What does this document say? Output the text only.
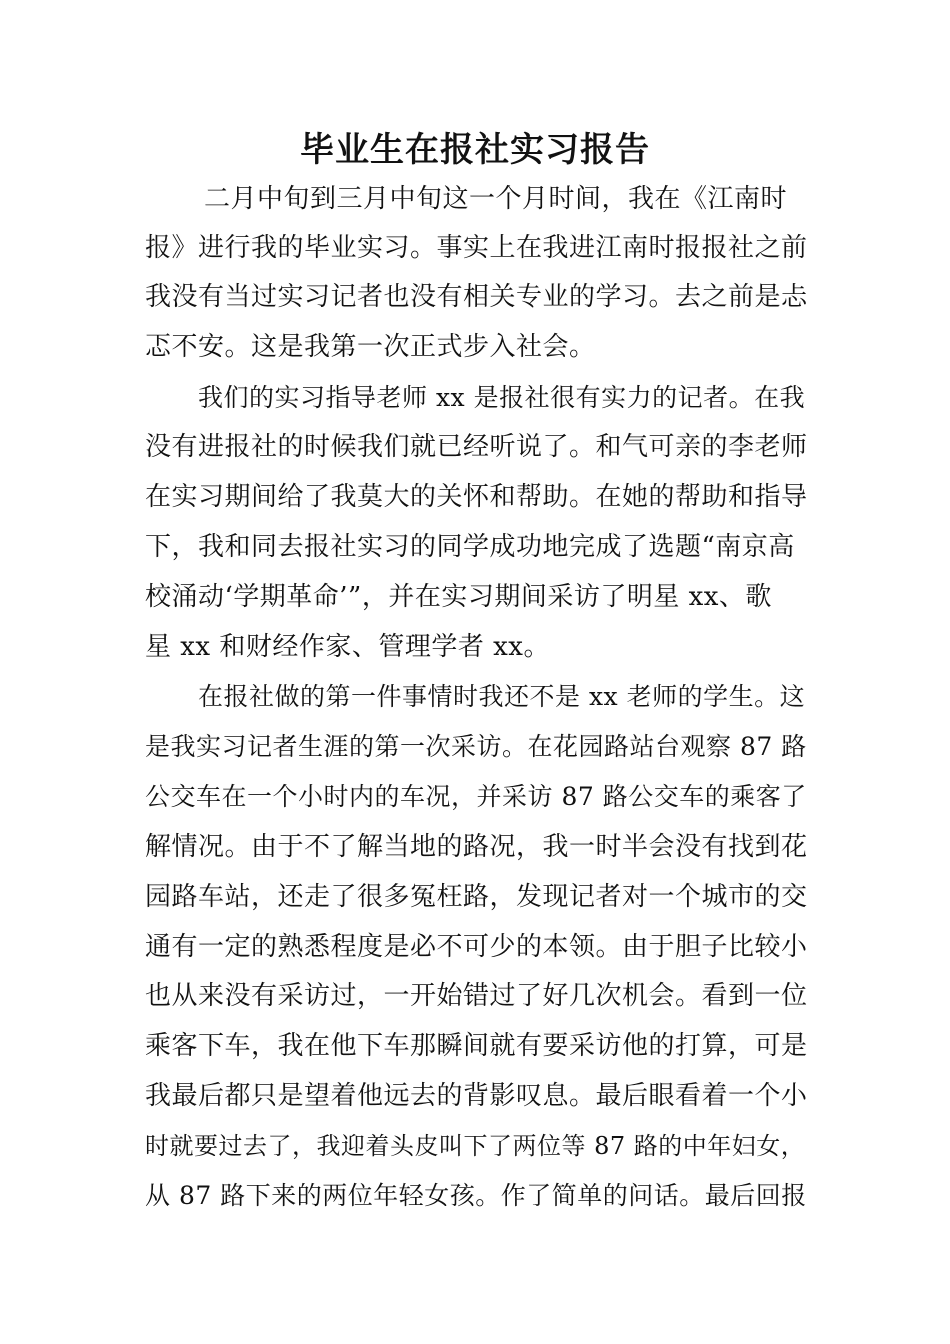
毕业生在报社实习报告
二月中旬到三月中旬这一个月时间，我在《江南时
报》进行我的毕业实习。事实上在我进江南时报报社之前
我没有当过实习记者也没有相关专业的学习。去之前是忐
忑不安。这是我第一次正式步入社会。
我们的实习指导老师 xx 是报社很有实力的记者。在我
没有进报社的时候我们就已经听说了。和气可亲的李老师
在实习期间给了我莫大的关怀和帮助。在她的帮助和指导
下，我和同去报社实习的同学成功地完成了选题“南京高
校涌动‘学期革命’”，并在实习期间采访了明星 xx、歌
星 xx 和财经作家、管理学者 xx。
在报社做的第一件事情时我还不是 xx 老师的学生。这
是我实习记者生涯的第一次采访。在花园路站台观察 87 路
公交车在一个小时内的车况，并采访 87 路公交车的乘客了
解情况。由于不了解当地的路况，我一时半会没有找到花
园路车站，还走了很多冤枉路，发现记者对一个城市的交
通有一定的熟悉程度是必不可少的本领。由于胆子比较小
也从来没有采访过，一开始错过了好几次机会。看到一位
乘客下车，我在他下车那瞬间就有要采访他的打算，可是
我最后都只是望着他远去的背影叹息。最后眼看着一个小
时就要过去了，我迎着头皮叫下了两位等 87 路的中年妇女，
从 87 路下来的两位年轻女孩。作了简单的问话。最后回报
